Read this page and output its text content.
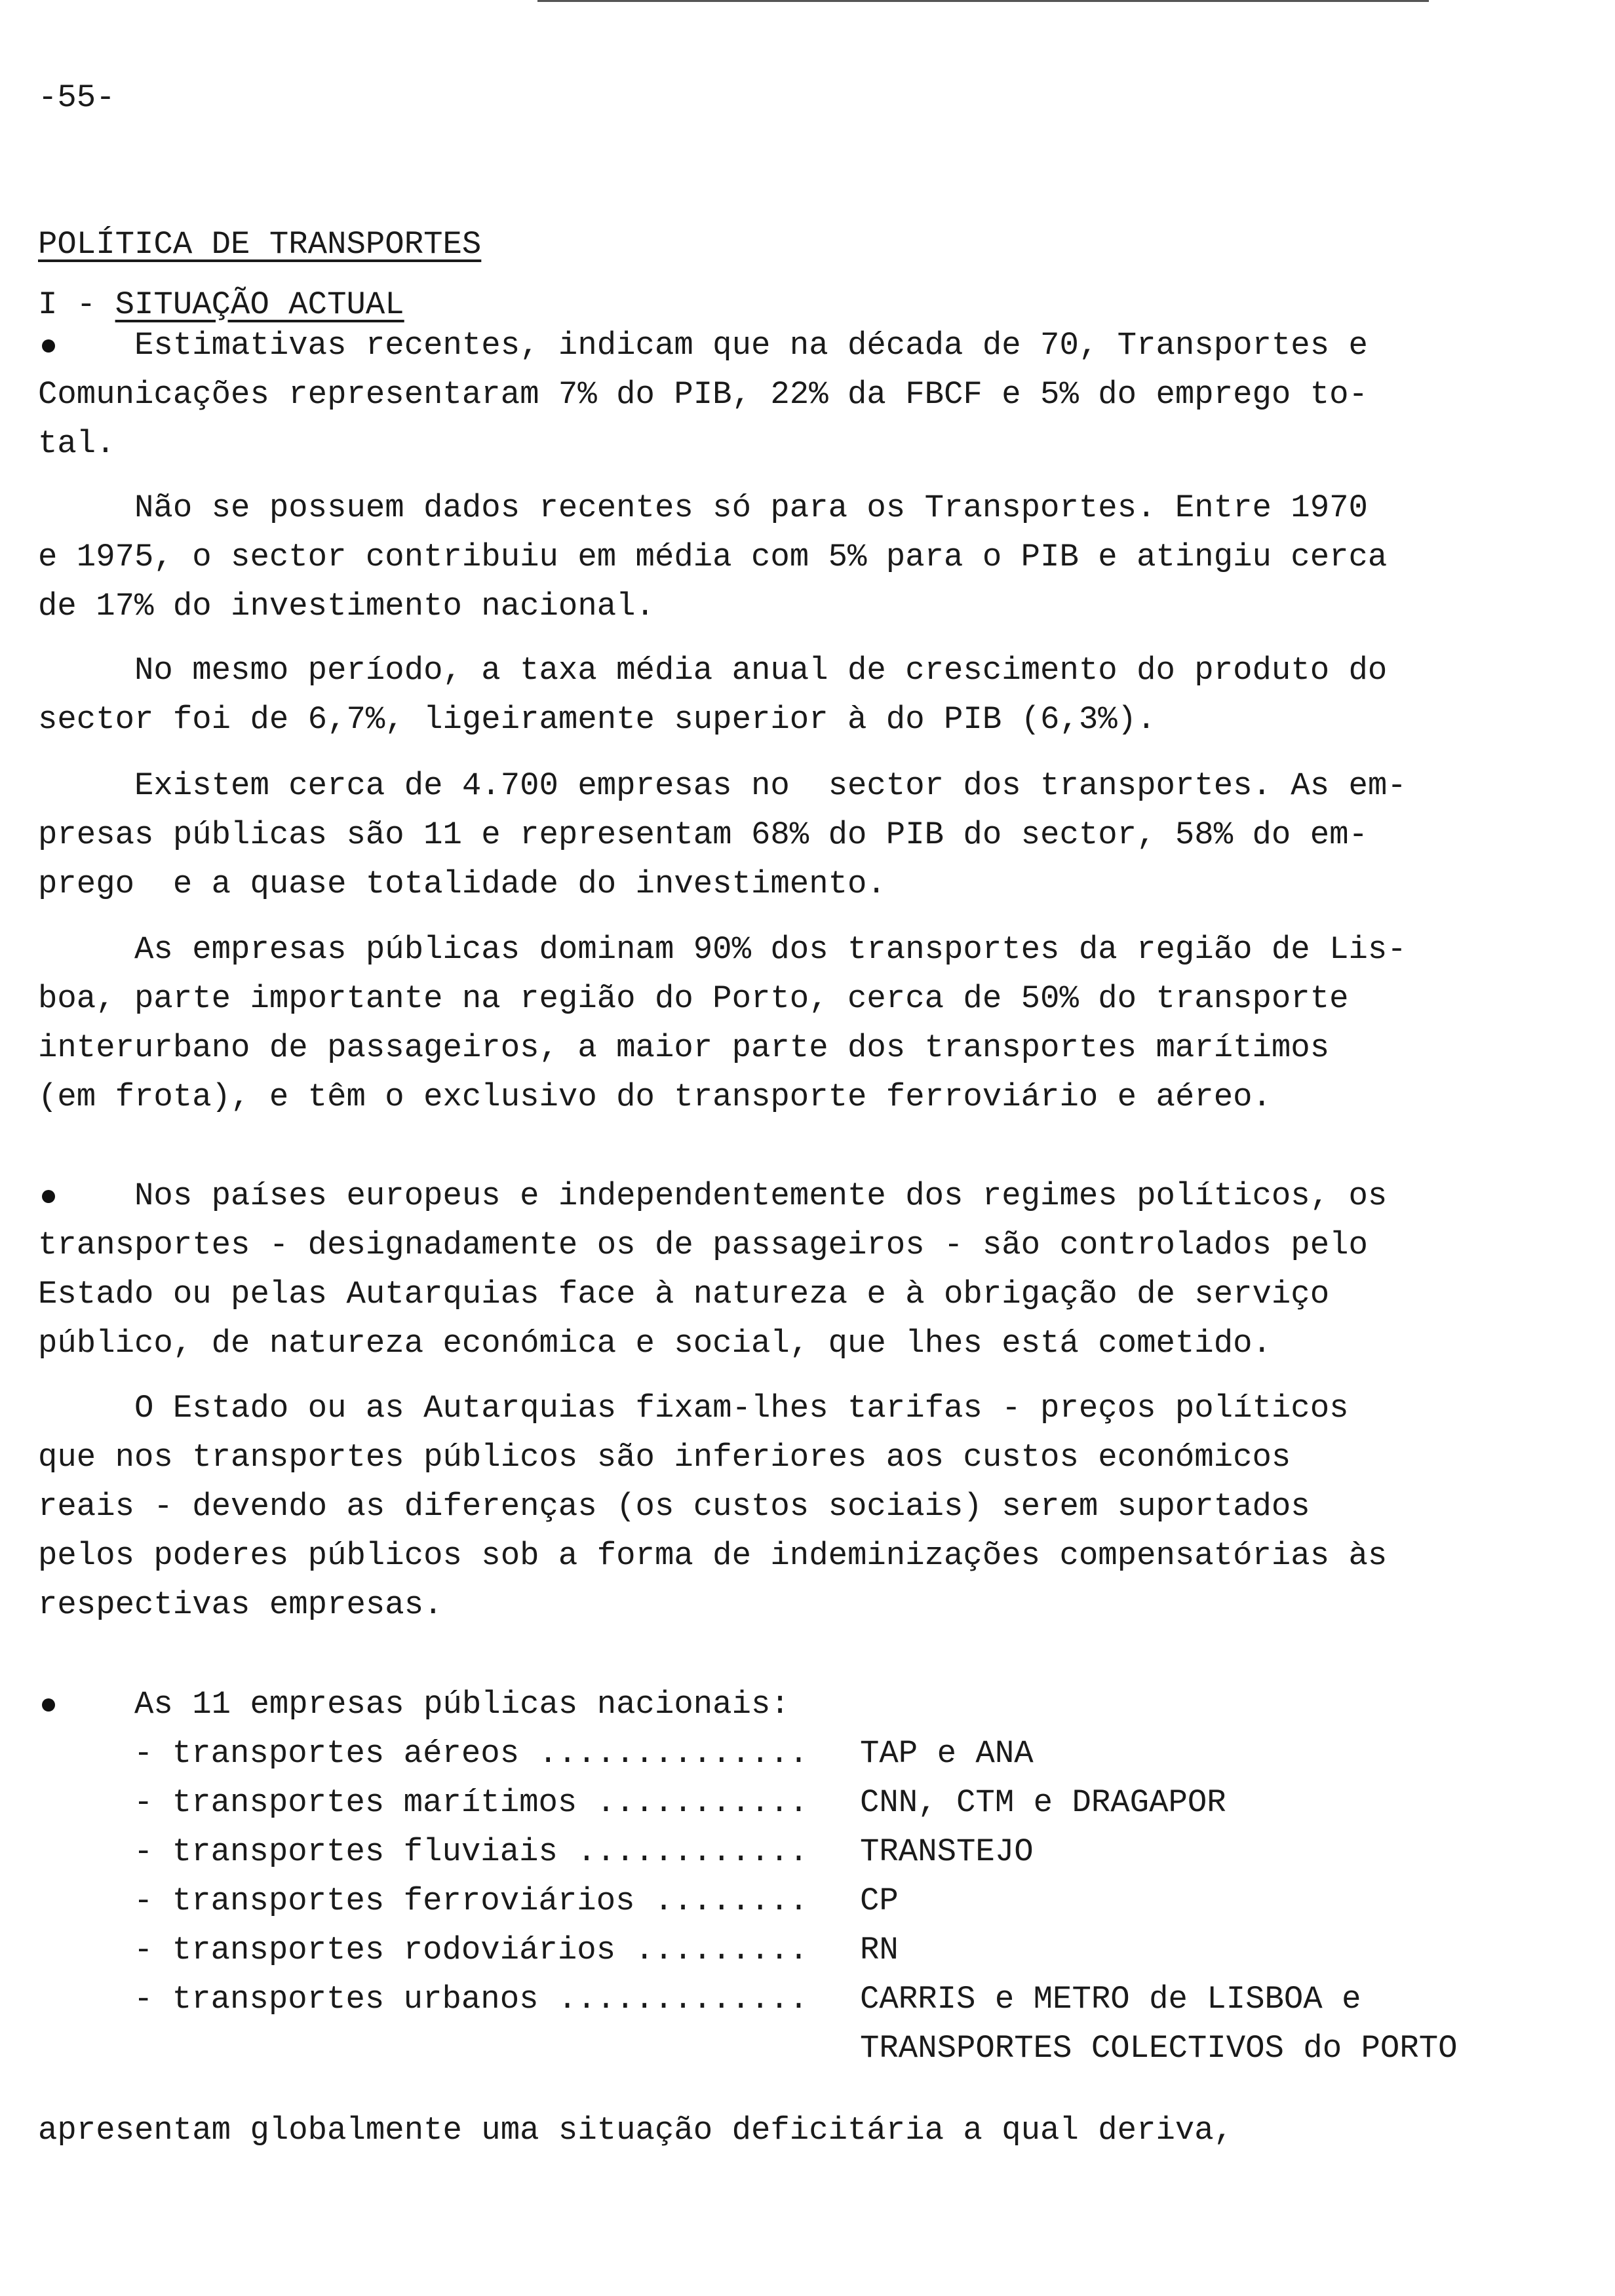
-55-
POLÍTICA DE TRANSPORTES
I - SITUAÇÃO ACTUAL
Estimativas recentes, indicam que na década de 70, Transportes e
Comunicações representaram 7% do PIB, 22% da FBCF e 5% do emprego to-
tal.
Não se possuem dados recentes só para os Transportes. Entre 1970
e 1975, o sector contribuiu em média com 5% para o PIB e atingiu cerca
de 17% do investimento nacional.
No mesmo período, a taxa média anual de crescimento do produto do
sector foi de 6,7%, ligeiramente superior à do PIB (6,3%).
Existem cerca de 4.700 empresas no  sector dos transportes. As em-
presas públicas são 11 e representam 68% do PIB do sector, 58% do em-
prego  e a quase totalidade do investimento.
As empresas públicas dominam 90% dos transportes da região de Lis-
boa, parte importante na região do Porto, cerca de 50% do transporte
interurbano de passageiros, a maior parte dos transportes marítimos
(em frota), e têm o exclusivo do transporte ferroviário e aéreo.
Nos países europeus e independentemente dos regimes políticos, os
transportes - designadamente os de passageiros - são controlados pelo
Estado ou pelas Autarquias face à natureza e à obrigação de serviço
público, de natureza económica e social, que lhes está cometido.
O Estado ou as Autarquias fixam-lhes tarifas - preços políticos
que nos transportes públicos são inferiores aos custos económicos
reais - devendo as diferenças (os custos sociais) serem suportados
pelos poderes públicos sob a forma de indeminizações compensatórias às
respectivas empresas.
As 11 empresas públicas nacionais:

- transportes aéreos ..............

TAP e ANA

- transportes marítimos ...........

CNN, CTM e DRAGAPOR

- transportes fluviais ............

TRANSTEJO

- transportes ferroviários ........

CP

- transportes rodoviários .........

RN

- transportes urbanos .............

CARRIS e METRO de LISBOA e

TRANSPORTES COLECTIVOS do PORTO

apresentam globalmente uma situação deficitária a qual deriva,
